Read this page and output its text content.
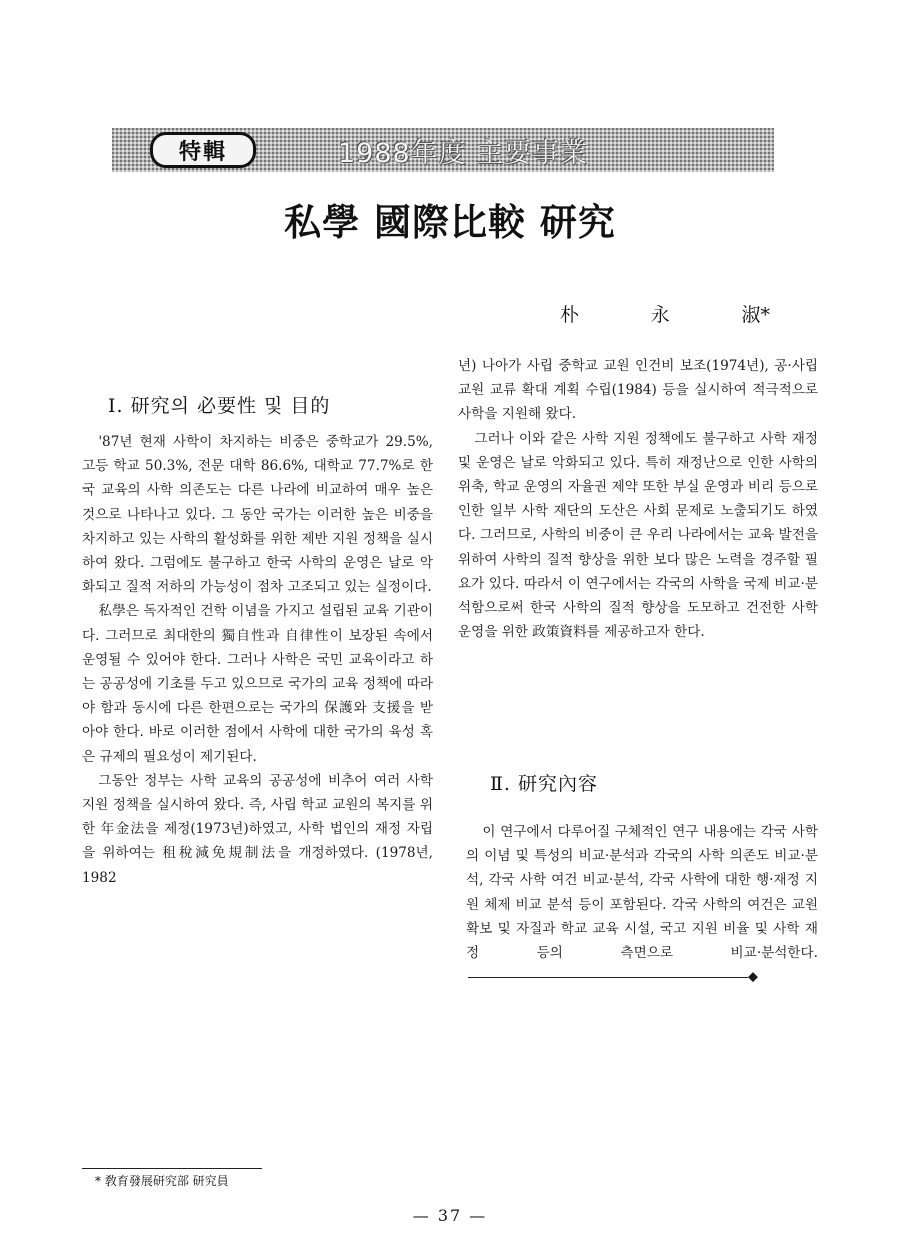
特輯	1988年度 主要事業
私學 國際比較 研究
朴	永	淑*
Ⅰ. 研究의 必要性 및 目的

'87년 현재 사학이 차지하는 비중은 중학교가 29.5%, 고등 학교 50.3%, 전문 대학 86.6%, 대학교 77.7%로 한국 교육의 사학 의존도는 다른 나라에 비교하여 매우 높은 것으로 나타나고 있다. 그 동안 국가는 이러한 높은 비중을 차지하고 있는 사학의 활성화를 위한 제반 지원 정책을 실시하여 왔다. 그럼에도 불구하고 한국 사학의 운영은 날로 악화되고 질적 저하의 가능성이 점차 고조되고 있는 실정이다.

私學은 독자적인 건학 이념을 가지고 설립된 교육 기관이다. 그러므로 최대한의 獨自性과 自律性이 보장된 속에서 운영될 수 있어야 한다. 그러나 사학은 국민 교육이라고 하는 공공성에 기초를 두고 있으므로 국가의 교육 정책에 따라야 함과 동시에 다른 한편으로는 국가의 保護와 支援을 받아야 한다. 바로 이러한 점에서 사학에 대한 국가의 육성 혹은 규제의 필요성이 제기된다.

그동안 정부는 사학 교육의 공공성에 비추어 여러 사학 지원 정책을 실시하여 왔다. 즉, 사립 학교 교원의 복지를 위한 年金法을 제정(1973년)하였고, 사학 법인의 재정 자립을 위하여는 租稅減免規制法을 개정하였다. (1978년, 1982

년) 나아가 사립 중학교 교원 인건비 보조(1974년), 공·사립 교원 교류 확대 계획 수립(1984) 등을 실시하여 적극적으로 사학을 지원해 왔다.

그러나 이와 같은 사학 지원 정책에도 불구하고 사학 재정 및 운영은 날로 악화되고 있다. 특히 재정난으로 인한 사학의 위축, 학교 운영의 자율권 제약 또한 부실 운영과 비리 등으로 인한 일부 사학 재단의 도산은 사회 문제로 노출되기도 하였다. 그러므로, 사학의 비중이 큰 우리 나라에서는 교육 발전을 위하여 사학의 질적 향상을 위한 보다 많은 노력을 경주할 필요가 있다. 따라서 이 연구에서는 각국의 사학을 국제 비교·분석함으로써 한국 사학의 질적 향상을 도모하고 건전한 사학 운영을 위한 政策資料를 제공하고자 한다.

Ⅱ. 研究內容

이 연구에서 다루어질 구체적인 연구 내용에는 각국 사학의 이념 및 특성의 비교·분석과 각국의 사학 의존도 비교·분석, 각국 사학 여건 비교·분석, 각국 사학에 대한 행·재정 지원 체제 비교 분석 등이 포함된다. 각국 사학의 여건은 교원 확보 및 자질과 학교 교육 시설, 국고 지원 비율 및 사학 재정 등의 측면으로 비교·분석한다.◆

* 敎育發展研究部 研究員
— 37 —
